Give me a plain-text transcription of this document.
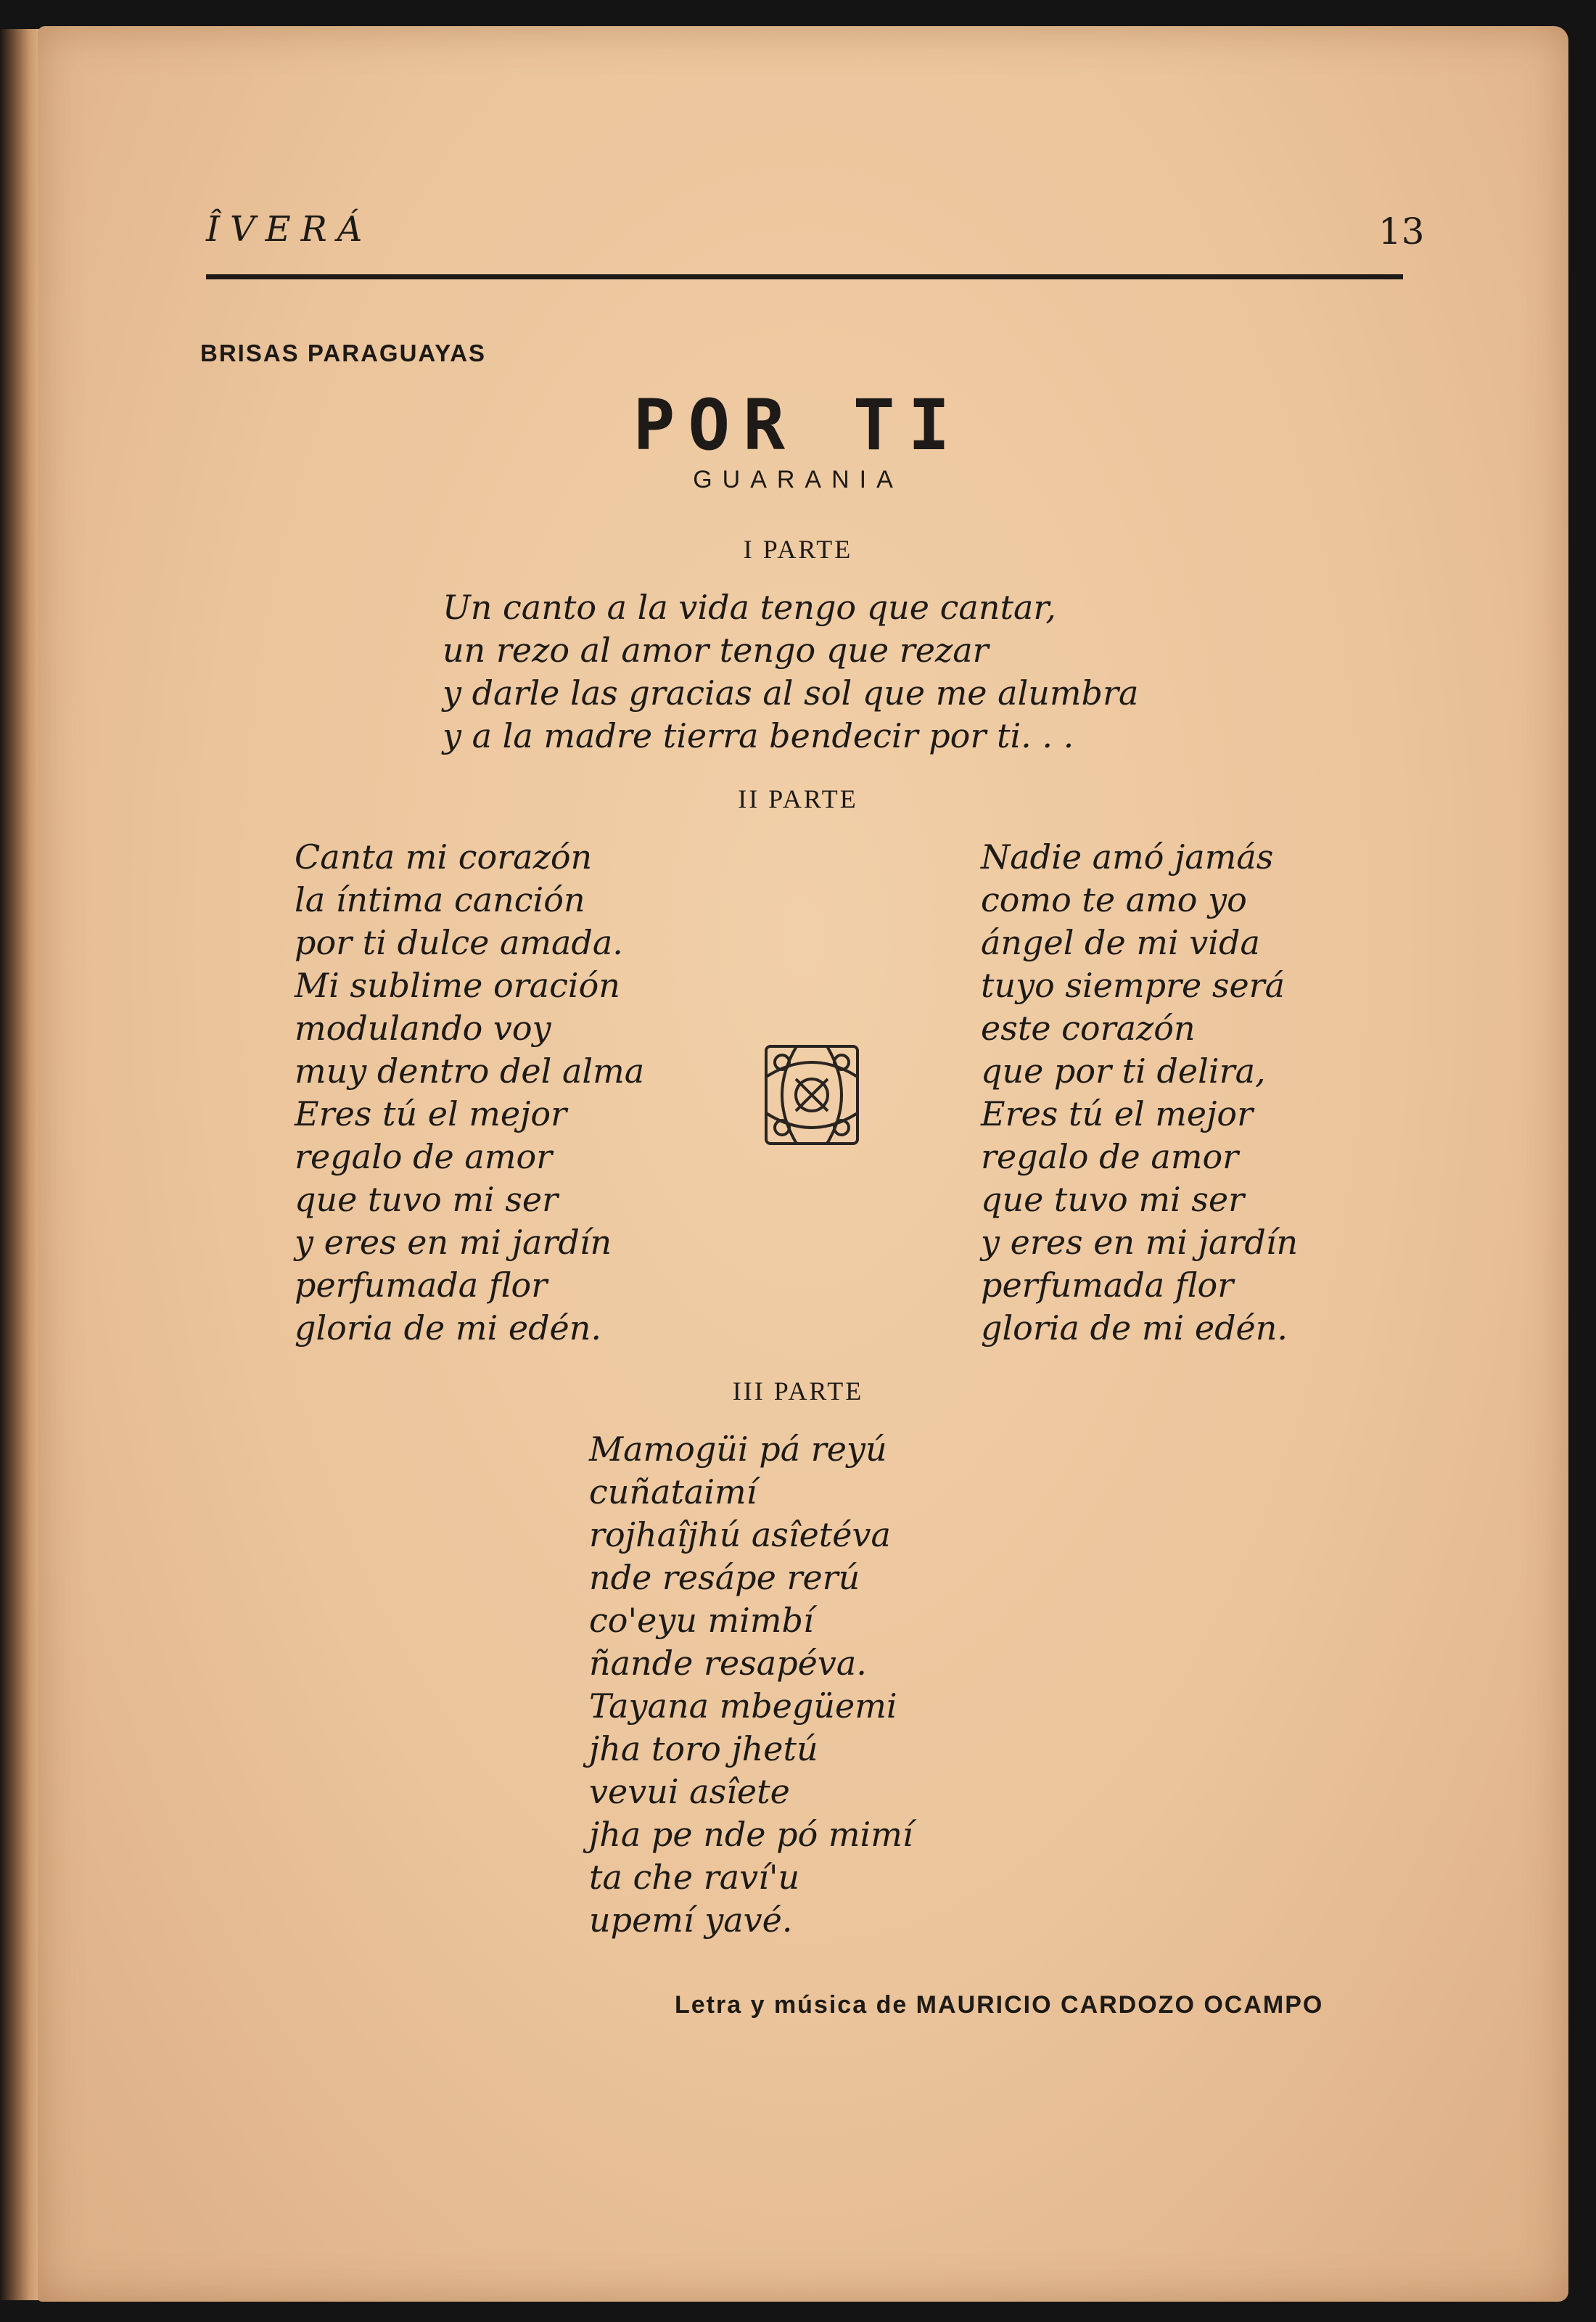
ÎVERÁ	13
BRISAS PARAGUAYAS
POR TI
GUARANIA
I PARTE
Un canto a la vida tengo que cantar,
un rezo al amor tengo que rezar
y darle las gracias al sol que me alumbra
y a la madre tierra bendecir por ti. . .
II PARTE
Canta mi corazón
la íntima canción
por ti dulce amada.
Mi sublime oración
modulando voy
muy dentro del alma
Eres tú el mejor
regalo de amor
que tuvo mi ser
y eres en mi jardín
perfumada flor
gloria de mi edén.
Nadie amó jamás
como te amo yo
ángel de mi vida
tuyo siempre será
este corazón
que por ti delira,
Eres tú el mejor
regalo de amor
que tuvo mi ser
y eres en mi jardín
perfumada flor
gloria de mi edén.
III PARTE
Mamogüi pá reyú
cuñataimí
rojhaîjhú asîetéva
nde resápe rerú
co'eyu mimbí
ñande resapéva.
Tayana mbegüemi
jha toro jhetú
vevui asîete
jha pe nde pó mimí
ta che raví'u
upemí yavé.
Letra y música de MAURICIO CARDOZO OCAMPO
